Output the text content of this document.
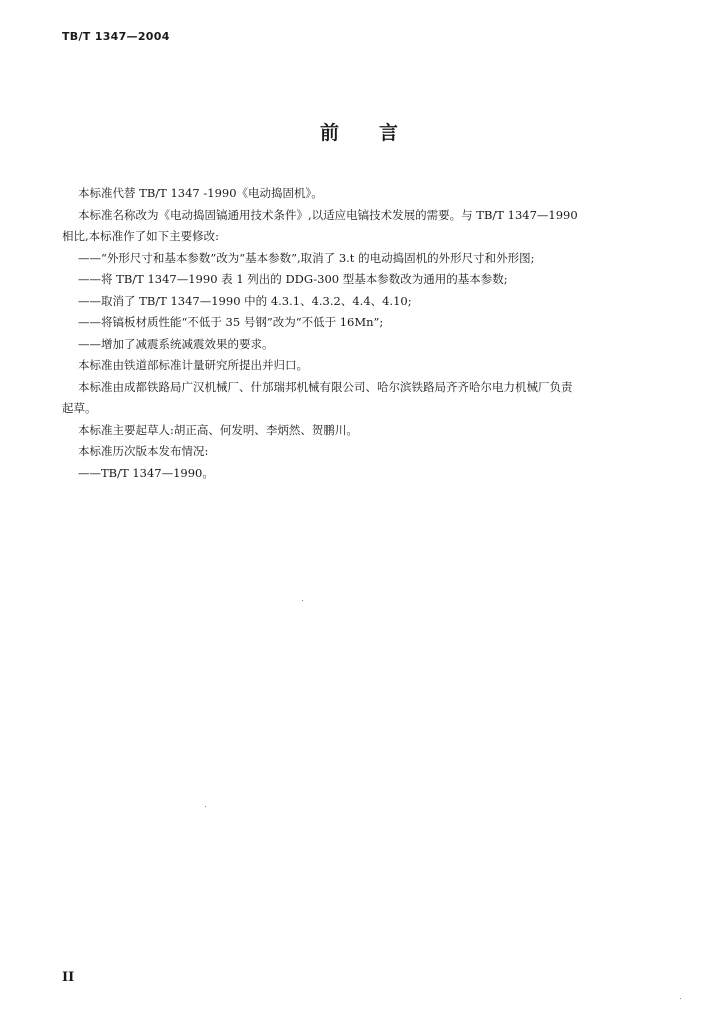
TB/T 1347—2004
前言

本标准代替 TB/T 1347 -1990《电动捣固机》。

本标准名称改为《电动捣固镐通用技术条件》,以适应电镐技术发展的需要。与 TB/T 1347—1990

相比,本标准作了如下主要修改:

——“外形尺寸和基本参数”改为“基本参数”,取消了 3.t 的电动捣固机的外形尺寸和外形图;

——将 TB/T 1347—1990 表 1 列出的 DDG-300 型基本参数改为通用的基本参数;

——取消了 TB/T 1347—1990 中的 4.3.1、4.3.2、4.4、4.10;

——将镐板材质性能“不低于 35 号钢”改为“不低于 16Mn”;

——增加了减震系统减震效果的要求。

本标准由铁道部标准计量研究所提出并归口。

本标准由成都铁路局广汉机械厂、什邡瑞邦机械有限公司、哈尔滨铁路局齐齐哈尔电力机械厂负责

起草。

本标准主要起草人:胡正高、何发明、李炳然、贺鹏川。

本标准历次版本发布情况:

——TB/T 1347—1990。

II
